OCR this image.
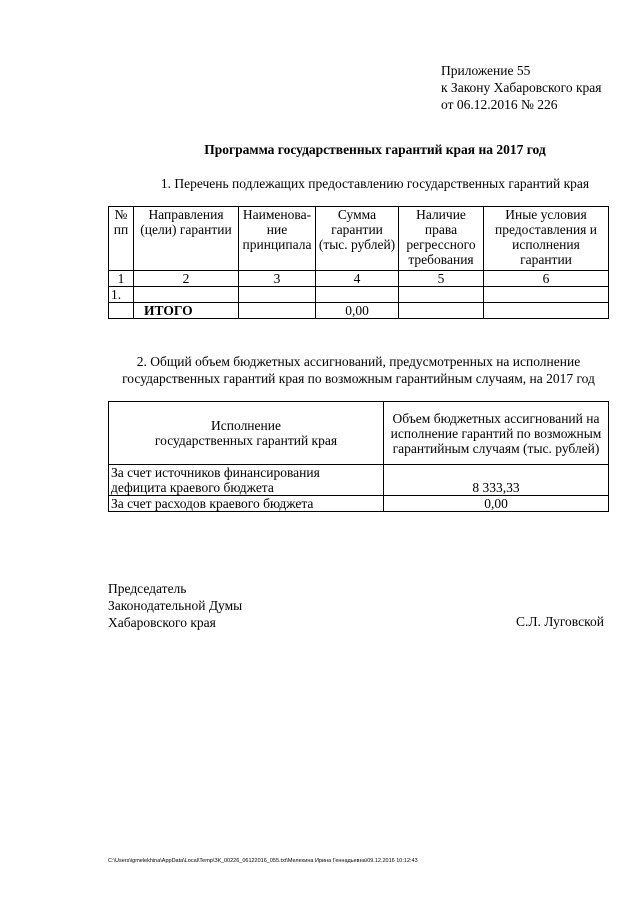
Приложение 55
к Закону Хабаровского края
от 06.12.2016 № 226
Программа государственных гарантий края на 2017 год
1. Перечень подлежащих предоставлению государственных гарантий края
№ пп	Направления (цели) гарантии	Наименова-ние принципала	Сумма гарантии (тыс. рублей)	Наличие права регрессного требования	Иные условия предоставления и исполнения гарантии
1	2	3	4	5	6
1.					
	ИТОГО		0,00		
2. Общий объем бюджетных ассигнований, предусмотренных на исполнение
государственных гарантий края по возможным гарантийным случаям, на 2017 год
Исполнение
государственных гарантий края	Объем бюджетных ассигнований на исполнение гарантий по возможным гарантийным случаям (тыс. рублей)

За счет источников финансирования
дефицита краевого бюджета	8 333,33
За счет расходов краевого бюджета	0,00
Председатель
Законодательной Думы
Хабаровского края	С.Л. Луговской
C:\Users\igmelekhina\AppData\Local\Temp\ЗК_00226_06122016_055.txt\Мелехина Ирина Геннадьевна\09.12.2016 10:12:43
